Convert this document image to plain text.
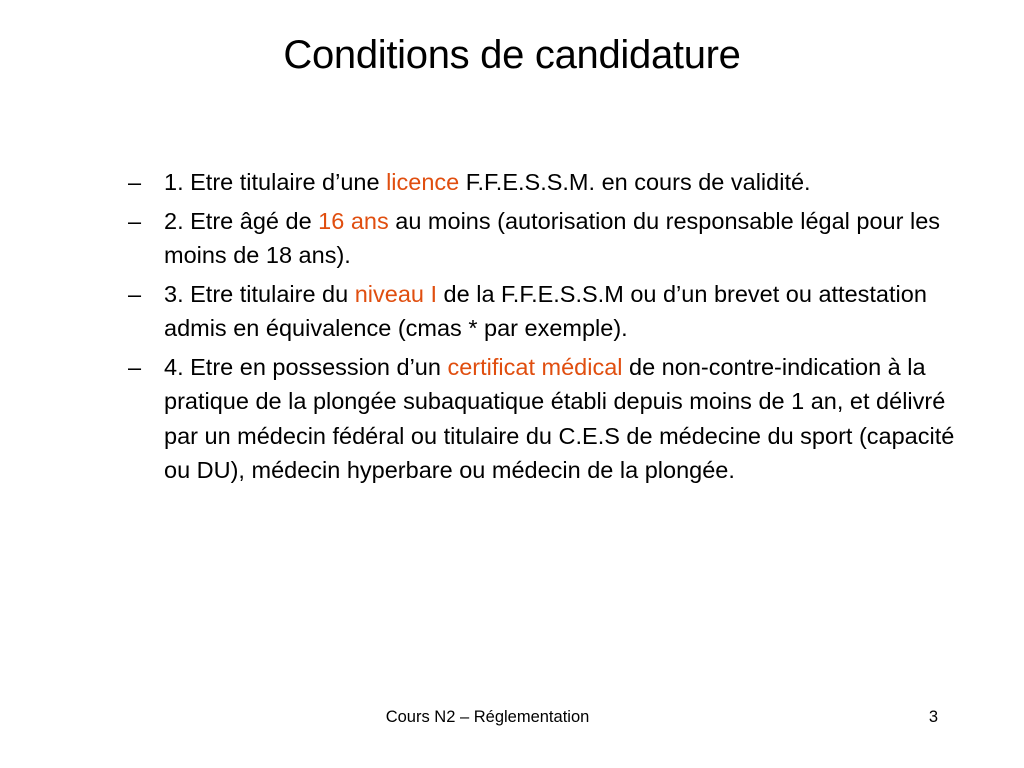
Conditions de candidature
– 1. Etre titulaire d’une licence F.F.E.S.S.M. en cours de validité.
– 2. Etre âgé de 16 ans au moins (autorisation du responsable légal pour les moins de 18 ans).
– 3. Etre titulaire du niveau I de la F.F.E.S.S.M ou d’un brevet ou attestation admis en équivalence (cmas * par exemple).
– 4. Etre en possession d’un certificat médical de non-contre-indication à la pratique de la plongée subaquatique établi depuis moins de 1 an, et délivré par un médecin fédéral ou titulaire du C.E.S de médecine du sport (capacité ou DU), médecin hyperbare ou médecin de la plongée.
Cours N2 – Réglementation	3
